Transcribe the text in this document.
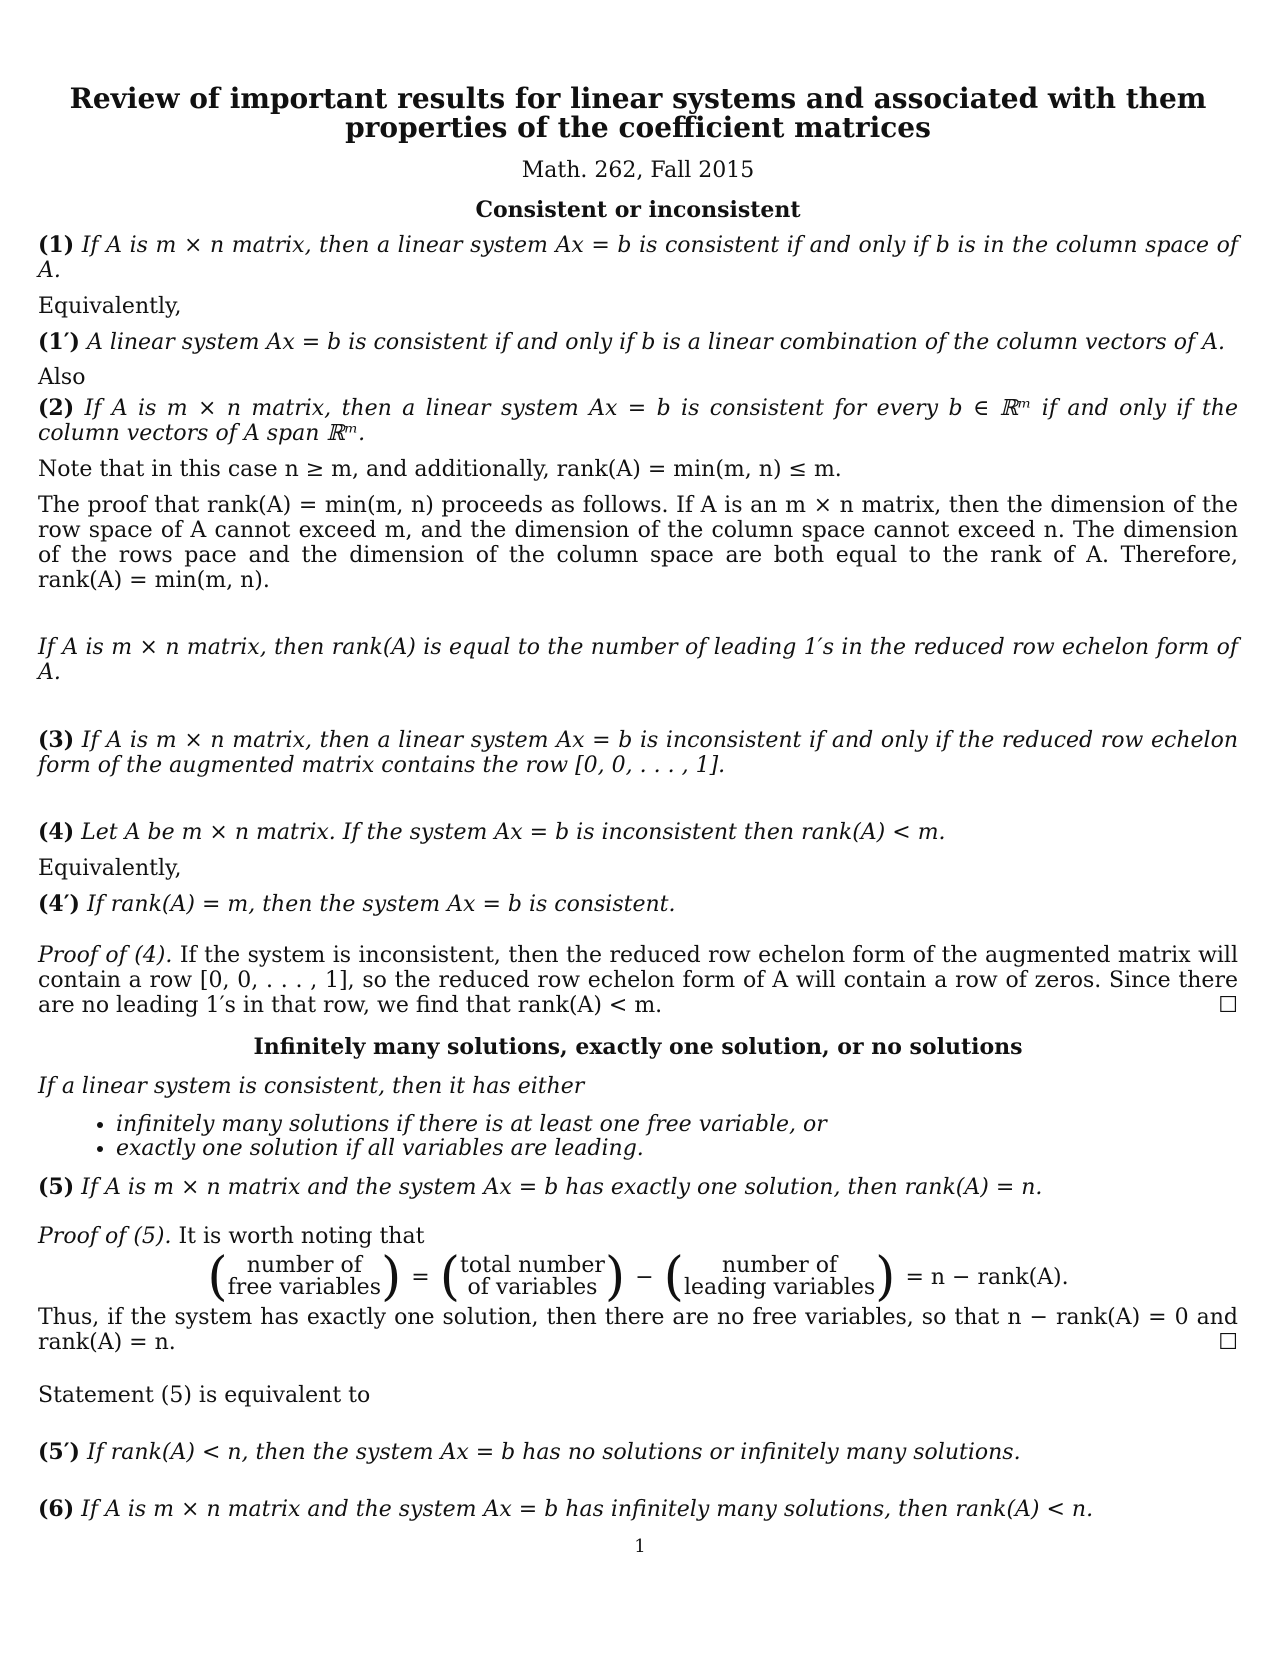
Review of important results for linear systems and associated with them
properties of the coefficient matrices
Math. 262, Fall 2015
Consistent or inconsistent

(1) If A is m × n matrix, then a linear system Ax = b is consistent if and only if b is in the column space of A.

Equivalently,

(1′) A linear system Ax = b is consistent if and only if b is a linear combination of the column vectors of A.

Also

(2) If A is m × n matrix, then a linear system Ax = b is consistent for every b ∈ ℝᵐ if and only if the column vectors of A span ℝᵐ.

Note that in this case n ≥ m, and additionally, rank(A) = min(m, n) ≤ m.

The proof that rank(A) = min(m, n) proceeds as follows. If A is an m × n matrix, then the dimension of the row space of A cannot exceed m, and the dimension of the column space cannot exceed n. The dimension of the rows pace and the dimension of the column space are both equal to the rank of A. Therefore, rank(A) = min(m, n).

If A is m × n matrix, then rank(A) is equal to the number of leading 1′s in the reduced row echelon form of A.

(3) If A is m × n matrix, then a linear system Ax = b is inconsistent if and only if the reduced row echelon form of the augmented matrix contains the row [0, 0, . . . , 1].

(4) Let A be m × n matrix. If the system Ax = b is inconsistent then rank(A) < m.

Equivalently,

(4′) If rank(A) = m, then the system Ax = b is consistent.

Proof of (4). If the system is inconsistent, then the reduced row echelon form of the augmented matrix will contain a row [0, 0, . . . , 1], so the reduced row echelon form of A will contain a row of zeros. Since there are no leading 1′s in that row, we find that rank(A) < m.	☐

Infinitely many solutions, exactly one solution, or no solutions

If a linear system is consistent, then it has either

• infinitely many solutions if there is at least one free variable, or
• exactly one solution if all variables are leading.

(5) If A is m × n matrix and the system Ax = b has exactly one solution, then rank(A) = n.

Proof of (5). It is worth noting that

( number of
free variables ) = ( total number
of variables ) − ( number of
leading variables ) = n − rank(A).

Thus, if the system has exactly one solution, then there are no free variables, so that n − rank(A) = 0 and rank(A) = n.	☐

Statement (5) is equivalent to

(5′) If rank(A) < n, then the system Ax = b has no solutions or infinitely many solutions.

(6) If A is m × n matrix and the system Ax = b has infinitely many solutions, then rank(A) < n.

1
